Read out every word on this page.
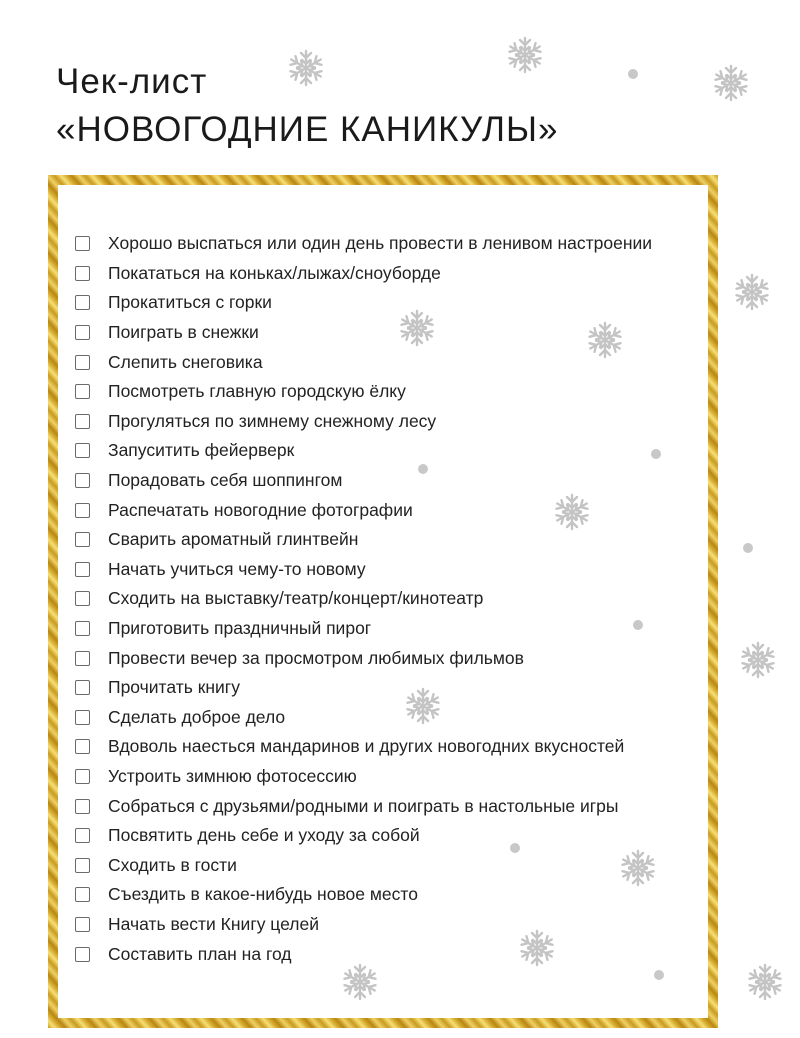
Чек-лист
«НОВОГОДНИЕ КАНИКУЛЫ»
Хорошо выспаться или один день провести в ленивом настроении
Покататься на коньках/лыжах/сноуборде
Прокатиться с горки
Поиграть в снежки
Слепить снеговика
Посмотреть главную городскую ёлку
Прогуляться по зимнему снежному лесу
Запуситить фейерверк
Порадовать себя шоппингом
Распечатать новогодние фотографии
Сварить ароматный глинтвейн
Начать учиться чему-то новому
Сходить на выставку/театр/концерт/кинотеатр
Приготовить праздничный пирог
Провести вечер за просмотром любимых фильмов
Прочитать книгу
Сделать доброе дело
Вдоволь наесться мандаринов и других новогодних вкусностей
Устроить зимнюю фотосессию
Собраться с друзьями/родными и поиграть в настольные игры
Посвятить день себе и уходу за собой
Сходить в гости
Съездить в какое-нибудь новое место
Начать вести Книгу целей
Составить план на год
